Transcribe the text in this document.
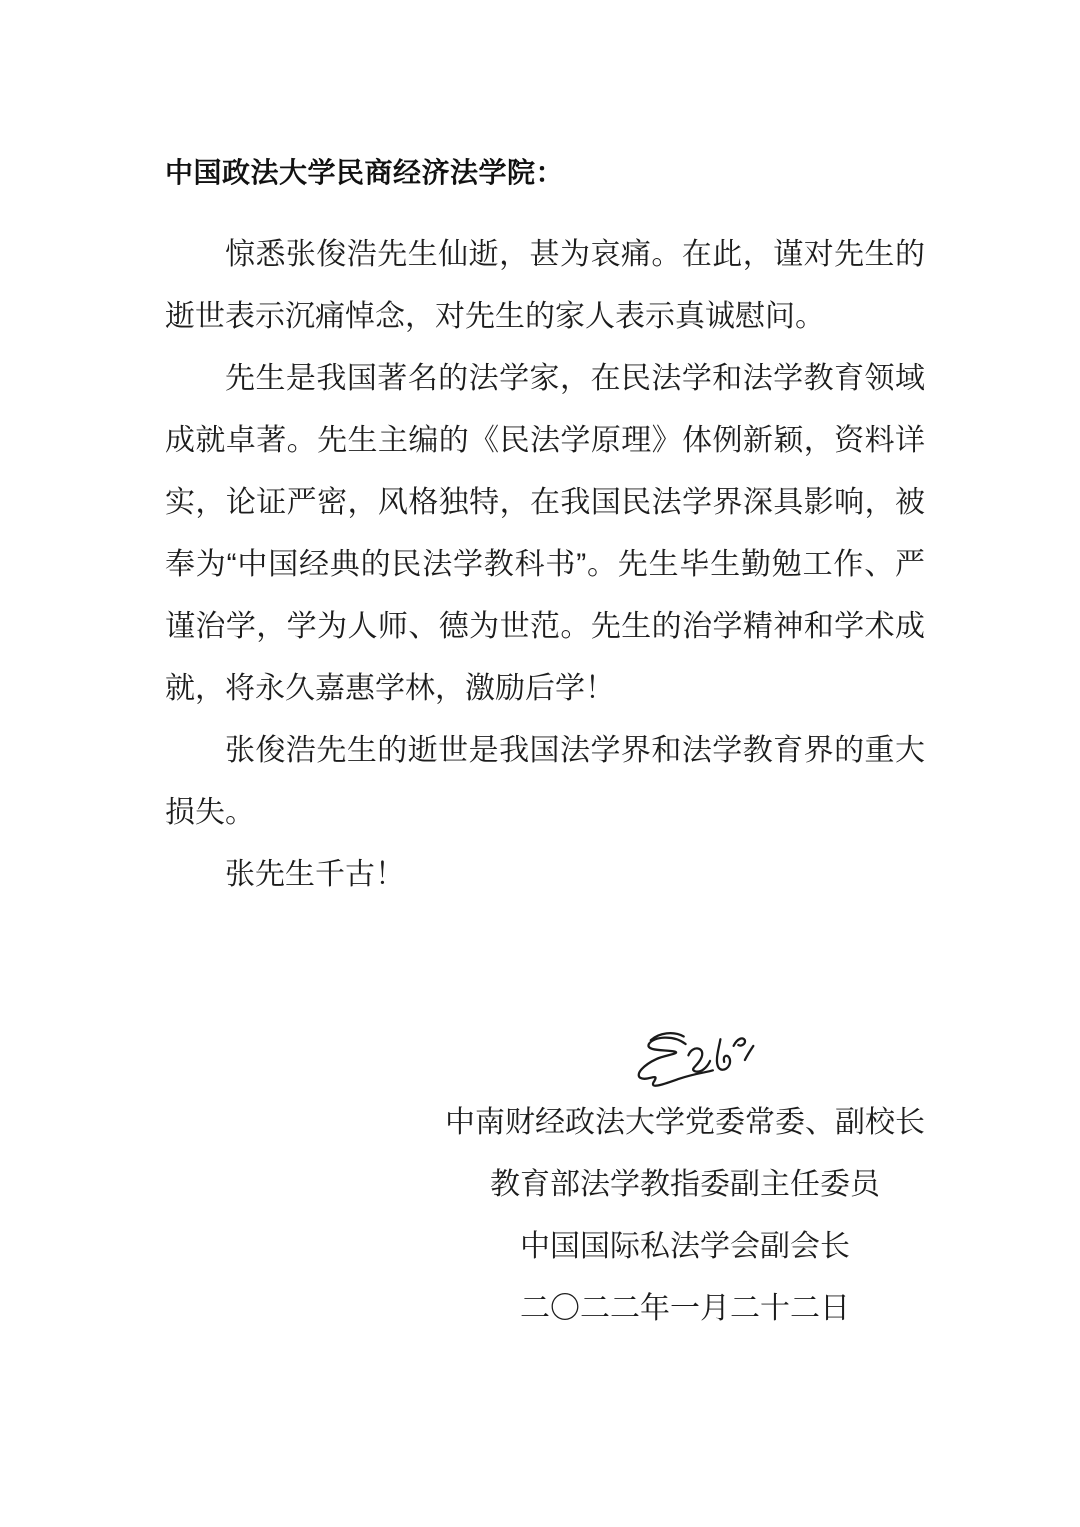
中国政法大学民商经济法学院：

惊悉张俊浩先生仙逝，甚为哀痛。在此，谨对先生的逝世表示沉痛悼念，对先生的家人表示真诚慰问。

先生是我国著名的法学家，在民法学和法学教育领域成就卓著。先生主编的《民法学原理》体例新颖，资料详实，论证严密，风格独特，在我国民法学界深具影响，被奉为“中国经典的民法学教科书”。先生毕生勤勉工作、严谨治学，学为人师、德为世范。先生的治学精神和学术成就，将永久嘉惠学林，激励后学！

张俊浩先生的逝世是我国法学界和法学教育界的重大损失。

张先生千古！

中南财经政法大学党委常委、副校长
教育部法学教指委副主任委员
中国国际私法学会副会长
二〇二二年一月二十二日
